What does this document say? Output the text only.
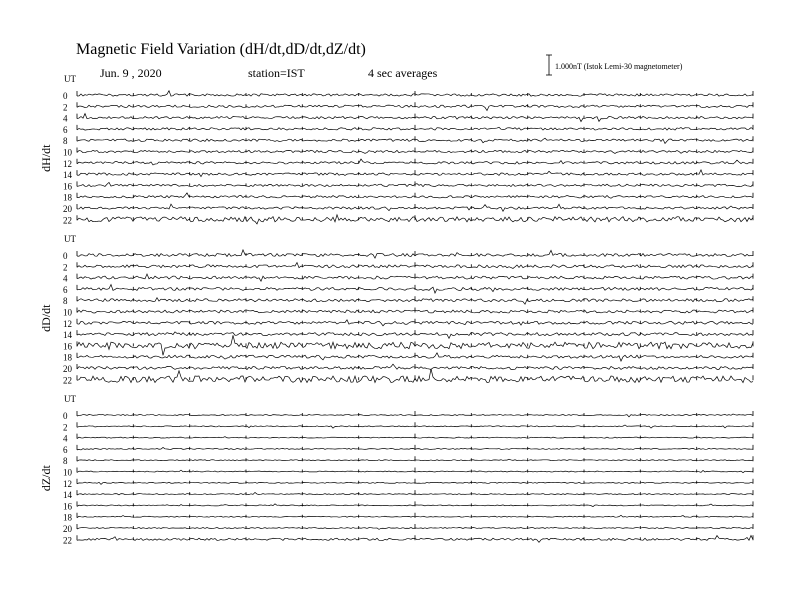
Magnetic Field Variation (dH/dt,dD/dt,dZ/dt)
Jun. 9 , 2020	station=IST	4 sec averages	1.000nT (Istok Lemi-30 magnetometer)
UT
dH/dt
0
2
4
6
8
10
12
14
16
18
20
22
UT
dD/dt
0
2
4
6
8
10
12
14
16
18
20
22
UT
dZ/dt
0
2
4
6
8
10
12
14
16
18
20
22
